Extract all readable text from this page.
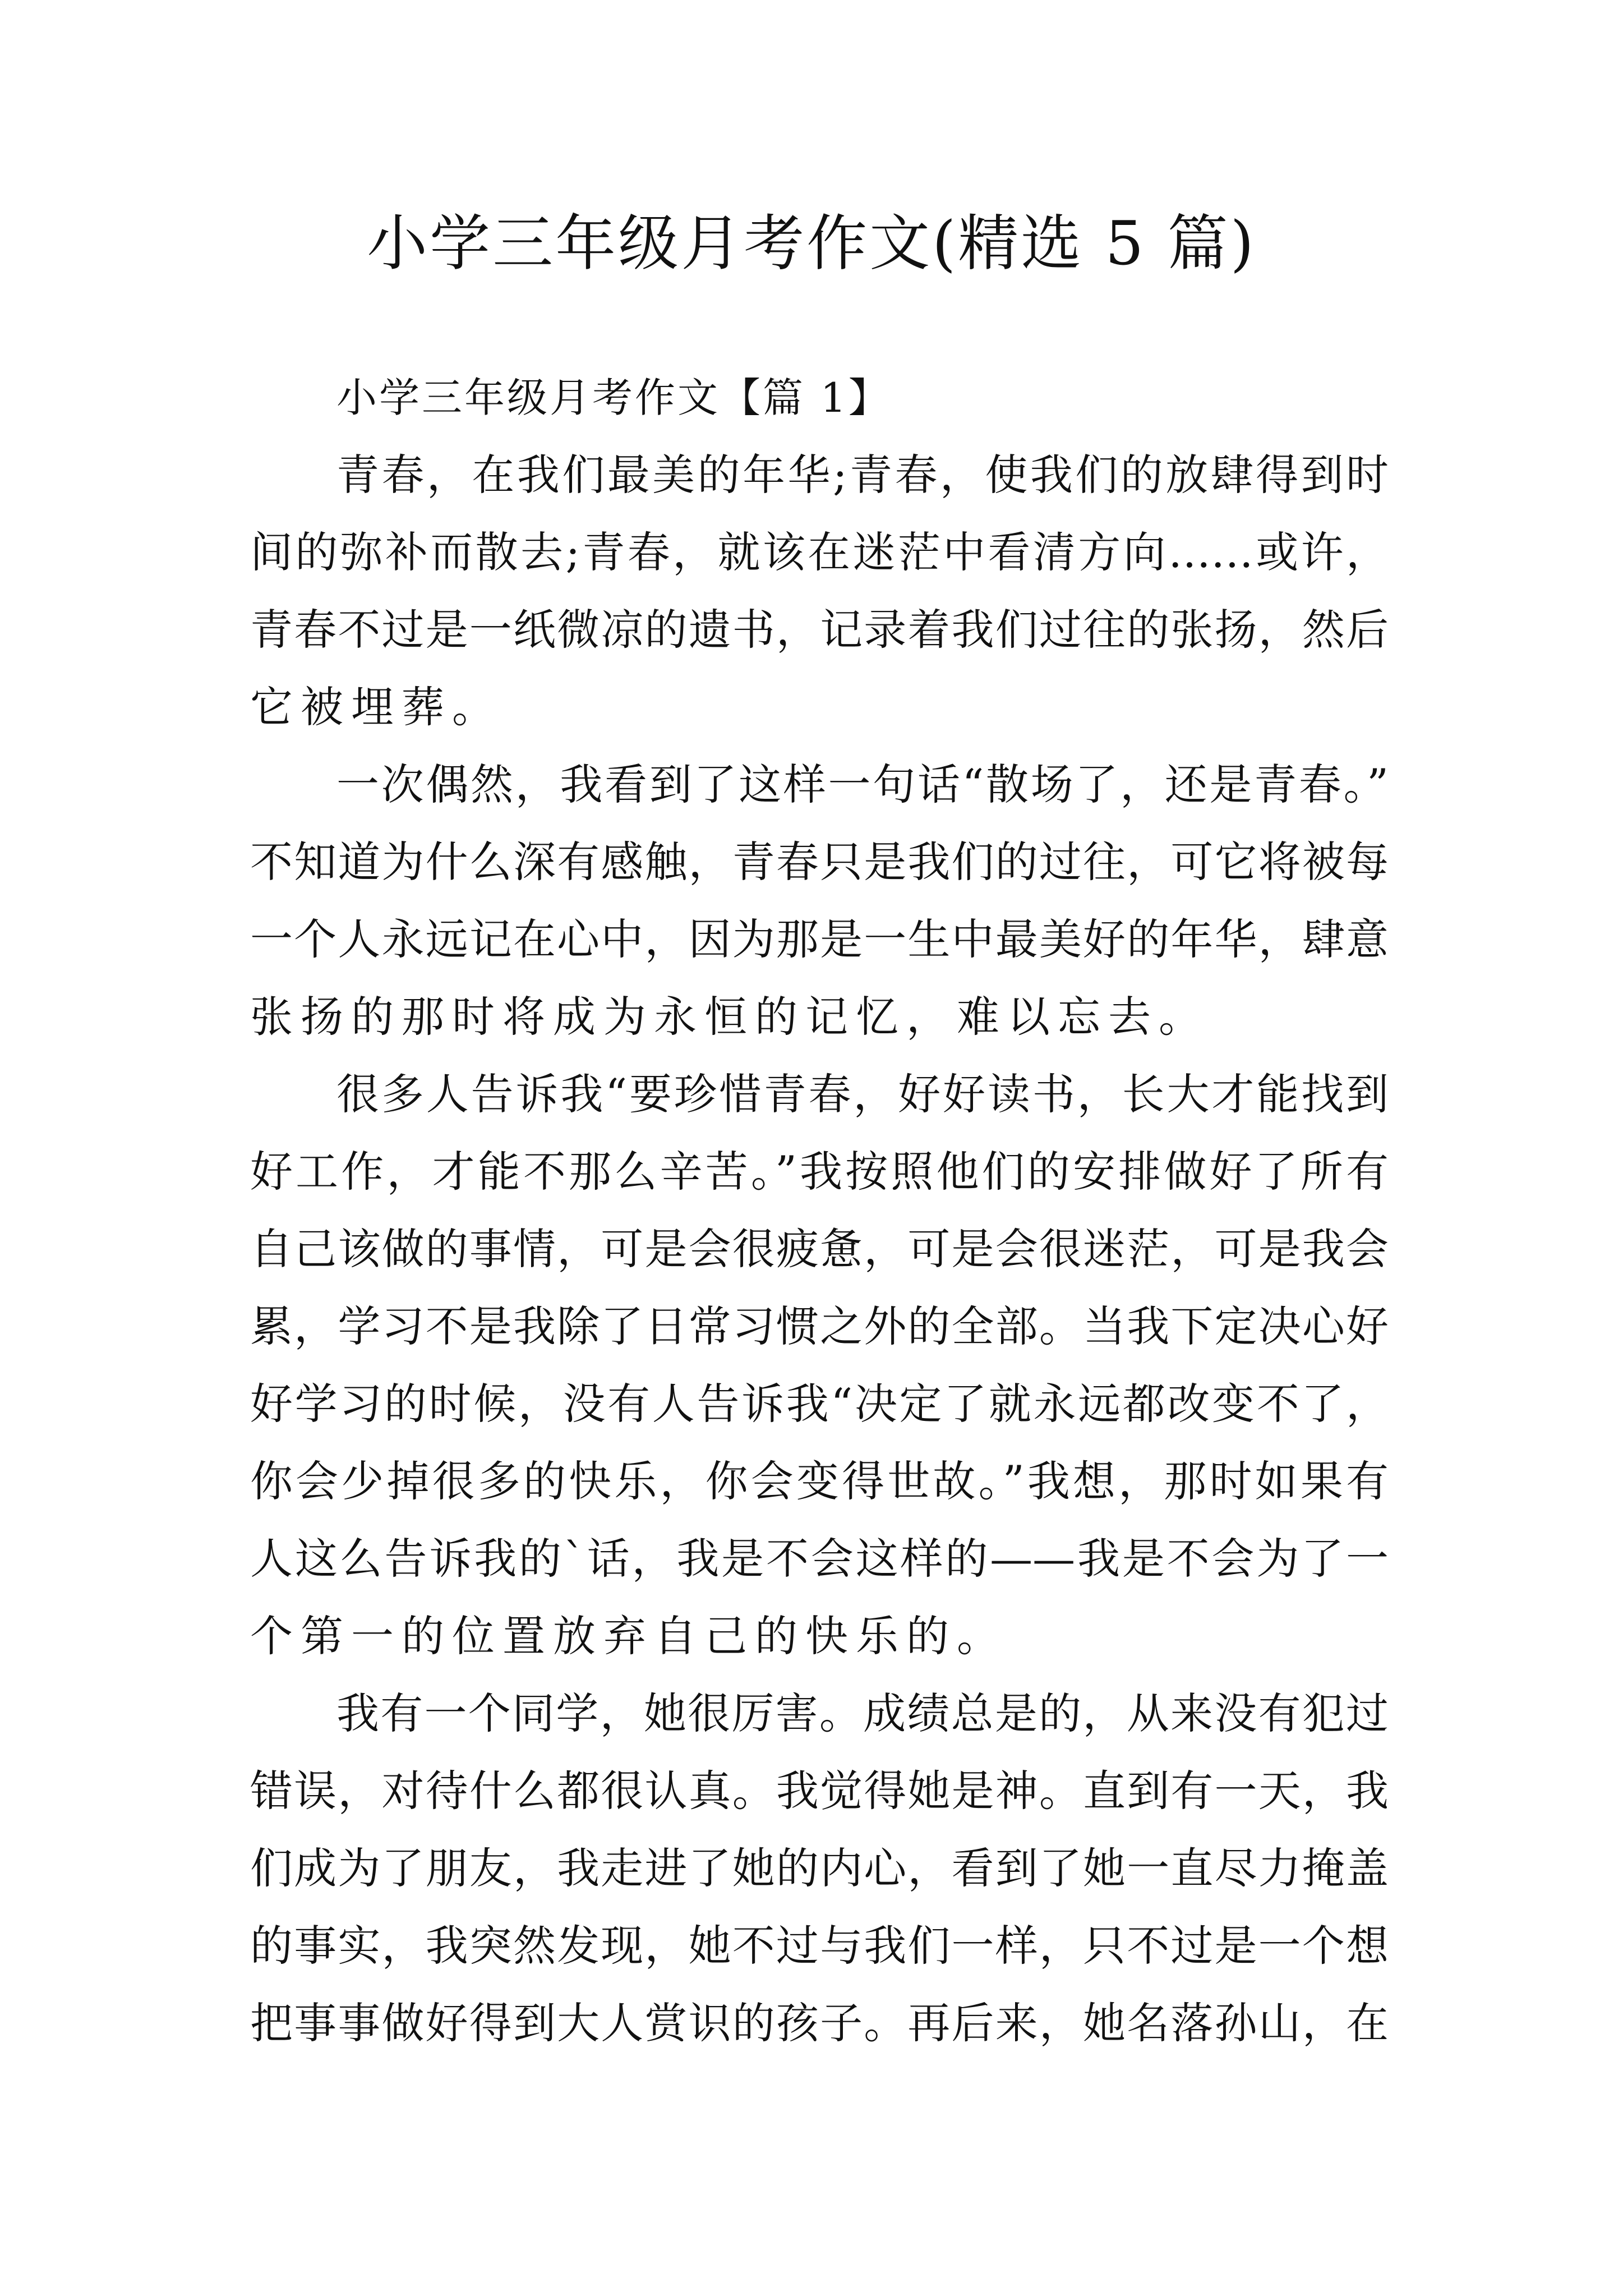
小学三年级月考作文(精选 5 篇)

小学三年级月考作文【篇 1】

青春，在我们最美的年华;青春，使我们的放肆得到时
间的弥补而散去;青春，就该在迷茫中看清方向……或许，
青春不过是一纸微凉的遗书，记录着我们过往的张扬，然后
它被埋葬。
一次偶然，我看到了这样一句话“散场了，还是青春。”
不知道为什么深有感触，青春只是我们的过往，可它将被每
一个人永远记在心中，因为那是一生中最美好的年华，肆意
张扬的那时将成为永恒的记忆，难以忘去。
很多人告诉我“要珍惜青春，好好读书，长大才能找到
好工作，才能不那么辛苦。”我按照他们的安排做好了所有
自己该做的事情，可是会很疲惫，可是会很迷茫，可是我会
累，学习不是我除了日常习惯之外的全部。当我下定决心好
好学习的时候，没有人告诉我“决定了就永远都改变不了，
你会少掉很多的快乐，你会变得世故。”我想，那时如果有
人这么告诉我的`话，我是不会这样的——我是不会为了一
个第一的位置放弃自己的快乐的。
我有一个同学，她很厉害。成绩总是的，从来没有犯过
错误，对待什么都很认真。我觉得她是神。直到有一天，我
们成为了朋友，我走进了她的内心，看到了她一直尽力掩盖
的事实，我突然发现，她不过与我们一样，只不过是一个想
把事事做好得到大人赏识的孩子。再后来，她名落孙山，在
